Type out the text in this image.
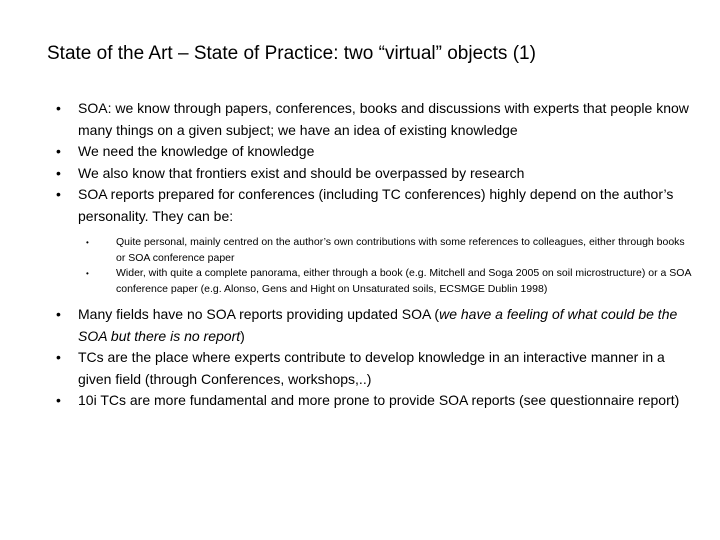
State of the Art – State of Practice: two “virtual” objects (1)
•	SOA: we know through papers, conferences, books and discussions with experts that people know many things on a given subject; we have an idea of existing knowledge
•	We need the knowledge of knowledge
•	We also know that frontiers exist and should be overpassed by research
•	SOA reports prepared for conferences (including TC conferences) highly depend on the author’s personality. They can be:
•	Quite personal, mainly centred on the author’s own contributions with some references to colleagues, either through books or SOA conference paper
•	Wider, with quite a complete panorama, either through a book (e.g. Mitchell and Soga 2005 on soil microstructure) or a SOA conference paper (e.g. Alonso, Gens and Hight on Unsaturated soils, ECSMGE Dublin 1998)
•	Many fields have no SOA reports providing updated SOA (we have a feeling of what could be the SOA but there is no report)
•	TCs are the place where experts contribute to develop knowledge in an interactive manner in a given field (through Conferences, workshops,..)
•	10i TCs are more fundamental and more prone to provide SOA reports (see questionnaire report)
